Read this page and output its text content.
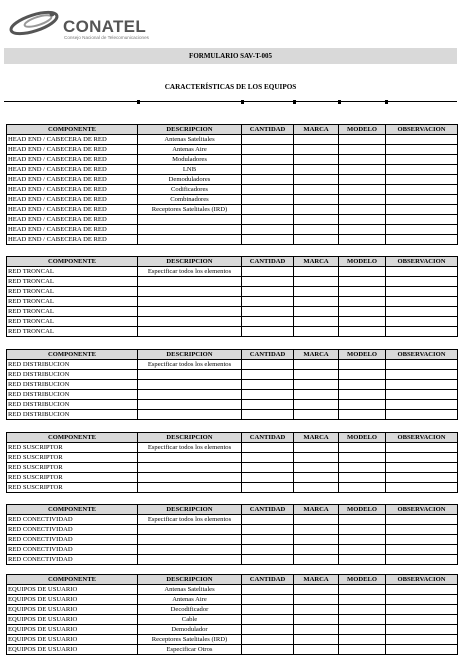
CONATEL
Consejo Nacional de Telecomunicaciones
FORMULARIO SAV-T-005
CARACTERÍSTICAS DE LOS EQUIPOS
COMPONENTE	DESCRIPCION	CANTIDAD	MARCA	MODELO	OBSERVACION
HEAD END / CABECERA DE RED	Antenas Satelitales				
HEAD END / CABECERA DE RED	Antenas Aire				
HEAD END / CABECERA DE RED	Moduladores				
HEAD END / CABECERA DE RED	LNB				
HEAD END / CABECERA DE RED	Demoduladores				
HEAD END / CABECERA DE RED	Codificadores				
HEAD END / CABECERA DE RED	Combinadores				
HEAD END / CABECERA DE RED	Receptores Satelitales (IRD)				
HEAD END / CABECERA DE RED					
HEAD END / CABECERA DE RED					
HEAD END / CABECERA DE RED					
COMPONENTE	DESCRIPCION	CANTIDAD	MARCA	MODELO	OBSERVACION
RED TRONCAL	Especificar todos los elementos				
RED TRONCAL					
RED TRONCAL					
RED TRONCAL					
RED TRONCAL					
RED TRONCAL					
RED TRONCAL					
COMPONENTE	DESCRIPCION	CANTIDAD	MARCA	MODELO	OBSERVACION
RED DISTRIBUCION	Especificar todos los elementos				
RED DISTRIBUCION					
RED DISTRIBUCION					
RED DISTRIBUCION					
RED DISTRIBUCION					
RED DISTRIBUCION					
COMPONENTE	DESCRIPCION	CANTIDAD	MARCA	MODELO	OBSERVACION
RED SUSCRIPTOR	Especificar todos los elementos				
RED SUSCRIPTOR					
RED SUSCRIPTOR					
RED SUSCRIPTOR					
RED SUSCRIPTOR					
COMPONENTE	DESCRIPCION	CANTIDAD	MARCA	MODELO	OBSERVACION
RED CONECTIVIDAD	Especificar todos los elementos				
RED CONECTIVIDAD					
RED CONECTIVIDAD					
RED CONECTIVIDAD					
RED CONECTIVIDAD					
COMPONENTE	DESCRIPCION	CANTIDAD	MARCA	MODELO	OBSERVACION
EQUIPOS DE USUARIO	Antenas Satelitales				
EQUIPOS DE USUARIO	Antenas Aire				
EQUIPOS DE USUARIO	Decodificador				
EQUIPOS DE USUARIO	Cable				
EQUIPOS DE USUARIO	Demodulador				
EQUIPOS DE USUARIO	Receptores Satelitales (IRD)				
EQUIPOS DE USUARIO	Especificar Otros				
